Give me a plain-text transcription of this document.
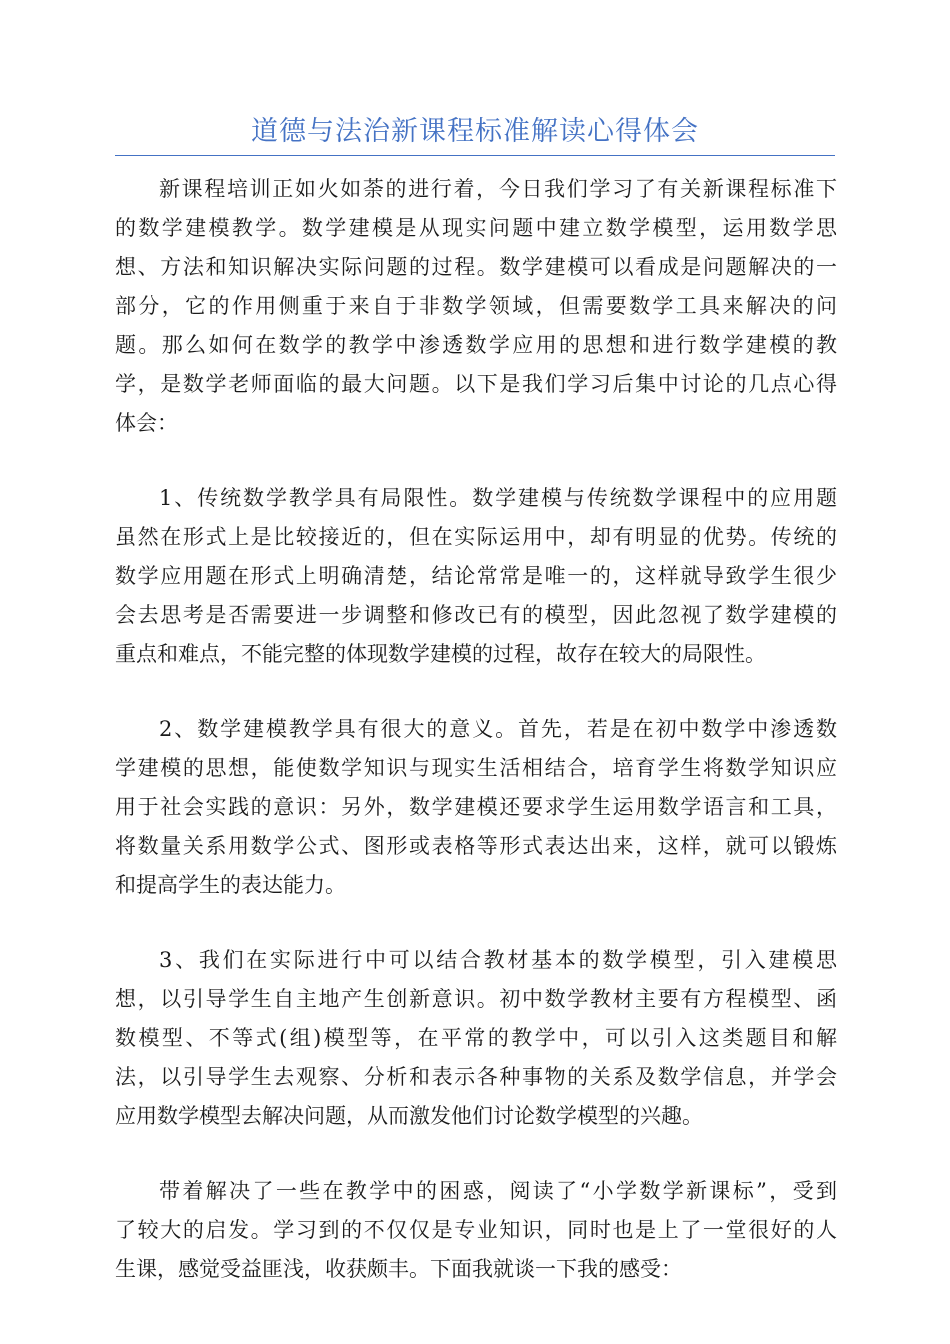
道德与法治新课程标准解读心得体会
新课程培训正如火如荼的进行着，今日我们学习了有关新课程标准下
的数学建模教学。数学建模是从现实问题中建立数学模型，运用数学思
想、方法和知识解决实际问题的过程。数学建模可以看成是问题解决的一
部分，它的作用侧重于来自于非数学领域，但需要数学工具来解决的问
题。那么如何在数学的教学中渗透数学应用的思想和进行数学建模的教
学，是数学老师面临的最大问题。以下是我们学习后集中讨论的几点心得
体会：
1、传统数学教学具有局限性。数学建模与传统数学课程中的应用题
虽然在形式上是比较接近的，但在实际运用中，却有明显的优势。传统的
数学应用题在形式上明确清楚，结论常常是唯一的，这样就导致学生很少
会去思考是否需要进一步调整和修改已有的模型，因此忽视了数学建模的
重点和难点，不能完整的体现数学建模的过程，故存在较大的局限性。
2、数学建模教学具有很大的意义。首先，若是在初中数学中渗透数
学建模的思想，能使数学知识与现实生活相结合，培育学生将数学知识应
用于社会实践的意识：另外，数学建模还要求学生运用数学语言和工具，
将数量关系用数学公式、图形或表格等形式表达出来，这样，就可以锻炼
和提高学生的表达能力。
3、我们在实际进行中可以结合教材基本的数学模型，引入建模思
想，以引导学生自主地产生创新意识。初中数学教材主要有方程模型、函
数模型、不等式(组)模型等，在平常的教学中，可以引入这类题目和解
法，以引导学生去观察、分析和表示各种事物的关系及数学信息，并学会
应用数学模型去解决问题，从而激发他们讨论数学模型的兴趣。
带着解决了一些在教学中的困惑，阅读了“小学数学新课标”，受到
了较大的启发。学习到的不仅仅是专业知识，同时也是上了一堂很好的人
生课，感觉受益匪浅，收获颇丰。下面我就谈一下我的感受：
